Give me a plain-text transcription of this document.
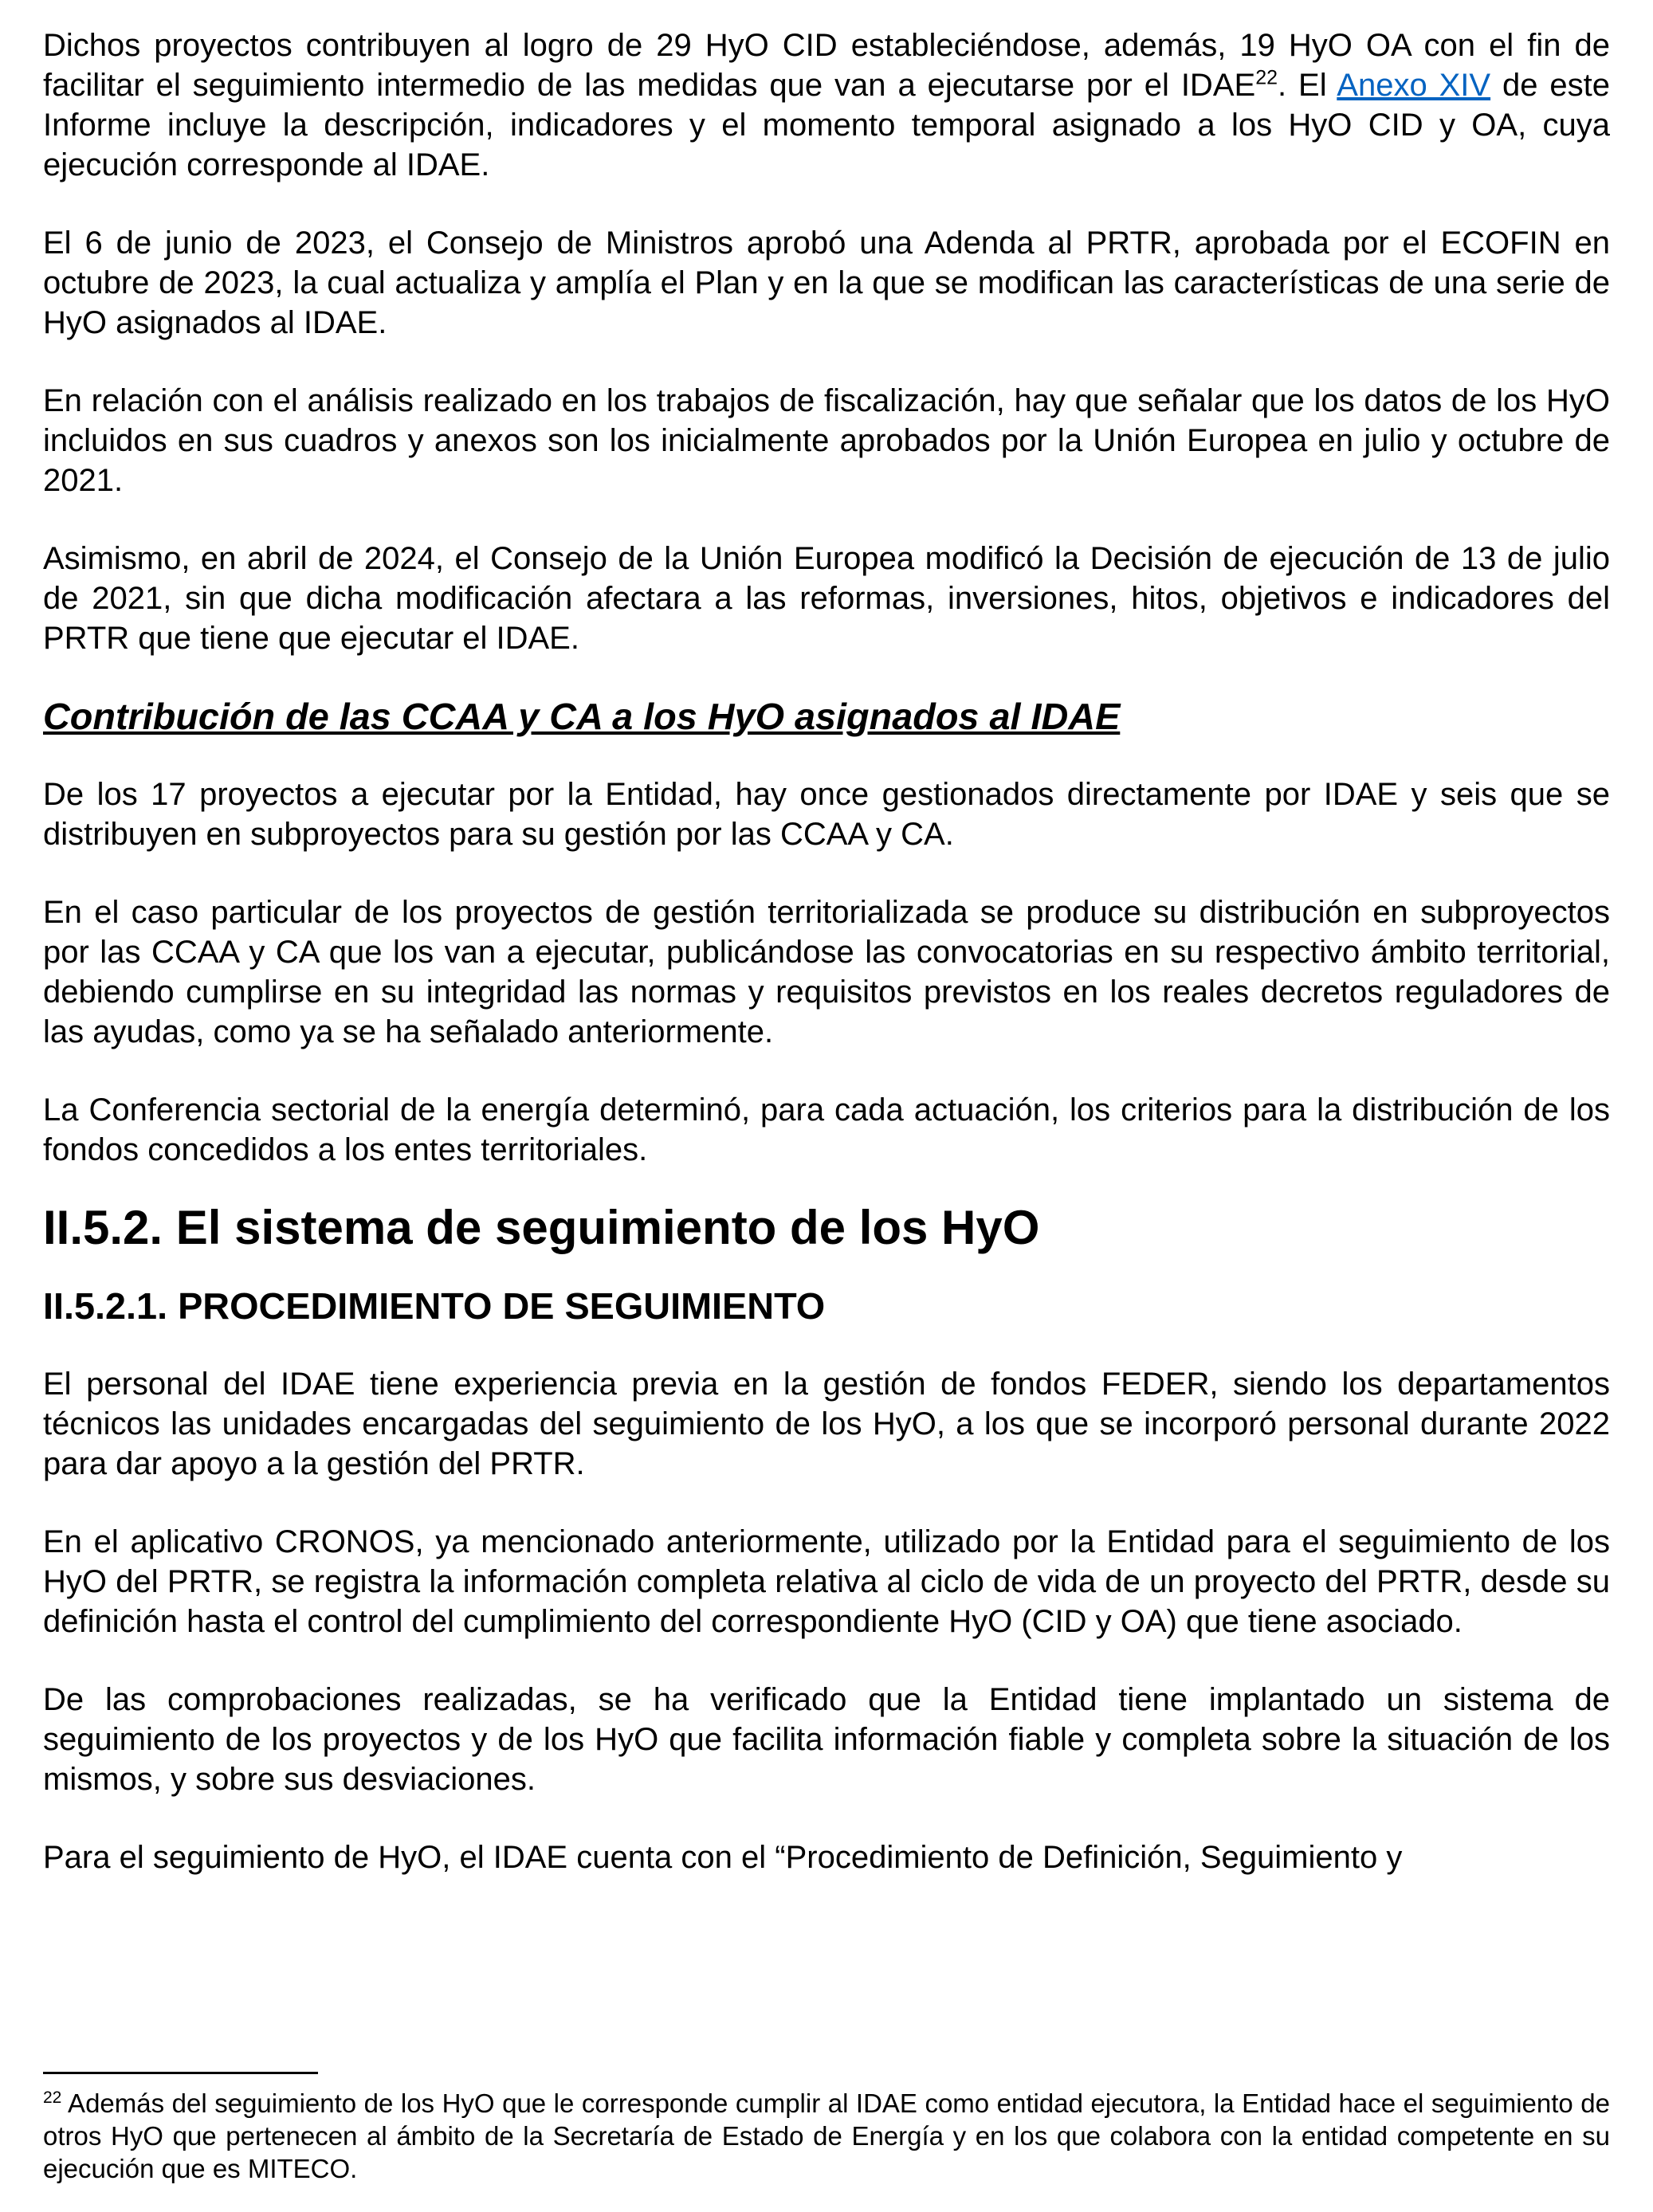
Dichos proyectos contribuyen al logro de 29 HyO CID estableciéndose, además, 19 HyO OA con el fin de facilitar el seguimiento intermedio de las medidas que van a ejecutarse por el IDAE$^{22}$. El Anexo XIV de este Informe incluye la descripción, indicadores y el momento temporal asignado a los HyO CID y OA, cuya ejecución corresponde al IDAE.

El 6 de junio de 2023, el Consejo de Ministros aprobó una Adenda al PRTR, aprobada por el ECOFIN en octubre de 2023, la cual actualiza y amplía el Plan y en la que se modifican las características de una serie de HyO asignados al IDAE.

En relación con el análisis realizado en los trabajos de fiscalización, hay que señalar que los datos de los HyO incluidos en sus cuadros y anexos son los inicialmente aprobados por la Unión Europea en julio y octubre de 2021.

Asimismo, en abril de 2024, el Consejo de la Unión Europea modificó la Decisión de ejecución de 13 de julio de 2021, sin que dicha modificación afectara a las reformas, inversiones, hitos, objetivos e indicadores del PRTR que tiene que ejecutar el IDAE.

Contribución de las CCAA y CA a los HyO asignados al IDAE

De los 17 proyectos a ejecutar por la Entidad, hay once gestionados directamente por IDAE y seis que se distribuyen en subproyectos para su gestión por las CCAA y CA.

En el caso particular de los proyectos de gestión territorializada se produce su distribución en subproyectos por las CCAA y CA que los van a ejecutar, publicándose las convocatorias en su respectivo ámbito territorial, debiendo cumplirse en su integridad las normas y requisitos previstos en los reales decretos reguladores de las ayudas, como ya se ha señalado anteriormente.

La Conferencia sectorial de la energía determinó, para cada actuación, los criterios para la distribución de los fondos concedidos a los entes territoriales.

II.5.2. El sistema de seguimiento de los HyO
II.5.2.1. PROCEDIMIENTO DE SEGUIMIENTO

El personal del IDAE tiene experiencia previa en la gestión de fondos FEDER, siendo los departamentos técnicos las unidades encargadas del seguimiento de los HyO, a los que se incorporó personal durante 2022 para dar apoyo a la gestión del PRTR.

En el aplicativo CRONOS, ya mencionado anteriormente, utilizado por la Entidad para el seguimiento de los HyO del PRTR, se registra la información completa relativa al ciclo de vida de un proyecto del PRTR, desde su definición hasta el control del cumplimiento del correspondiente HyO (CID y OA) que tiene asociado.

De las comprobaciones realizadas, se ha verificado que la Entidad tiene implantado un sistema de seguimiento de los proyectos y de los HyO que facilita información fiable y completa sobre la situación de los mismos, y sobre sus desviaciones.

Para el seguimiento de HyO, el IDAE cuenta con el “Procedimiento de Definición, Seguimiento y

$^{22}$ Además del seguimiento de los HyO que le corresponde cumplir al IDAE como entidad ejecutora, la Entidad hace el seguimiento de otros HyO que pertenecen al ámbito de la Secretaría de Estado de Energía y en los que colabora con la entidad competente en su ejecución que es MITECO.
